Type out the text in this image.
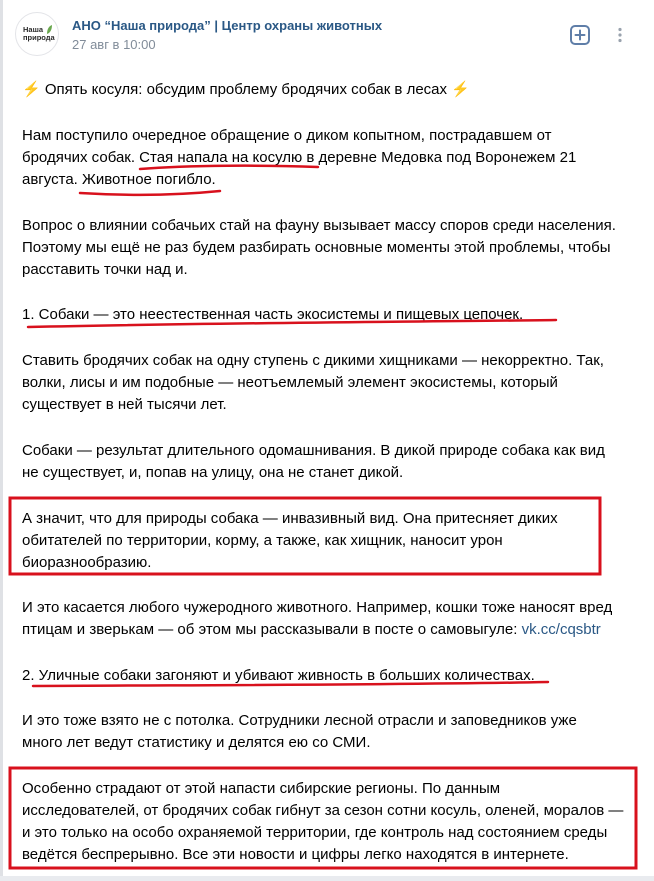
Наша
природа
АНО “Наша природа” | Центр охраны животных
27 авг в 10:00
⚡ Опять косуля: обсудим проблему бродячих собак в лесах ⚡
Нам поступило очередное обращение о диком копытном, пострадавшем от
бродячих собак. Стая напала на косулю в деревне Медовка под Воронежем 21
августа. Животное погибло.
Вопрос о влиянии собачьих стай на фауну вызывает массу споров среди населения.
Поэтому мы ещё не раз будем разбирать основные моменты этой проблемы, чтобы
расставить точки над и.
1. Собаки — это неестественная часть экосистемы и пищевых цепочек.
Ставить бродячих собак на одну ступень с дикими хищниками — некорректно. Так,
волки, лисы и им подобные — неотъемлемый элемент экосистемы, который
существует в ней тысячи лет.
Собаки — результат длительного одомашнивания. В дикой природе собака как вид
не существует, и, попав на улицу, она не станет дикой.
А значит, что для природы собака — инвазивный вид. Она притесняет диких
обитателей по территории, корму, а также, как хищник, наносит урон
биоразнообразию.
И это касается любого чужеродного животного. Например, кошки тоже наносят вред
птицам и зверькам — об этом мы рассказывали в посте о самовыгуле: vk.cc/cqsbtr
2. Уличные собаки загоняют и убивают живность в больших количествах.
И это тоже взято не с потолка. Сотрудники лесной отрасли и заповедников уже
много лет ведут статистику и делятся ею со СМИ.
Особенно страдают от этой напасти сибирские регионы. По данным
исследователей, от бродячих собак гибнут за сезон сотни косуль, оленей, моралов —
и это только на особо охраняемой территории, где контроль над состоянием среды
ведётся беспрерывно. Все эти новости и цифры легко находятся в интернете.
